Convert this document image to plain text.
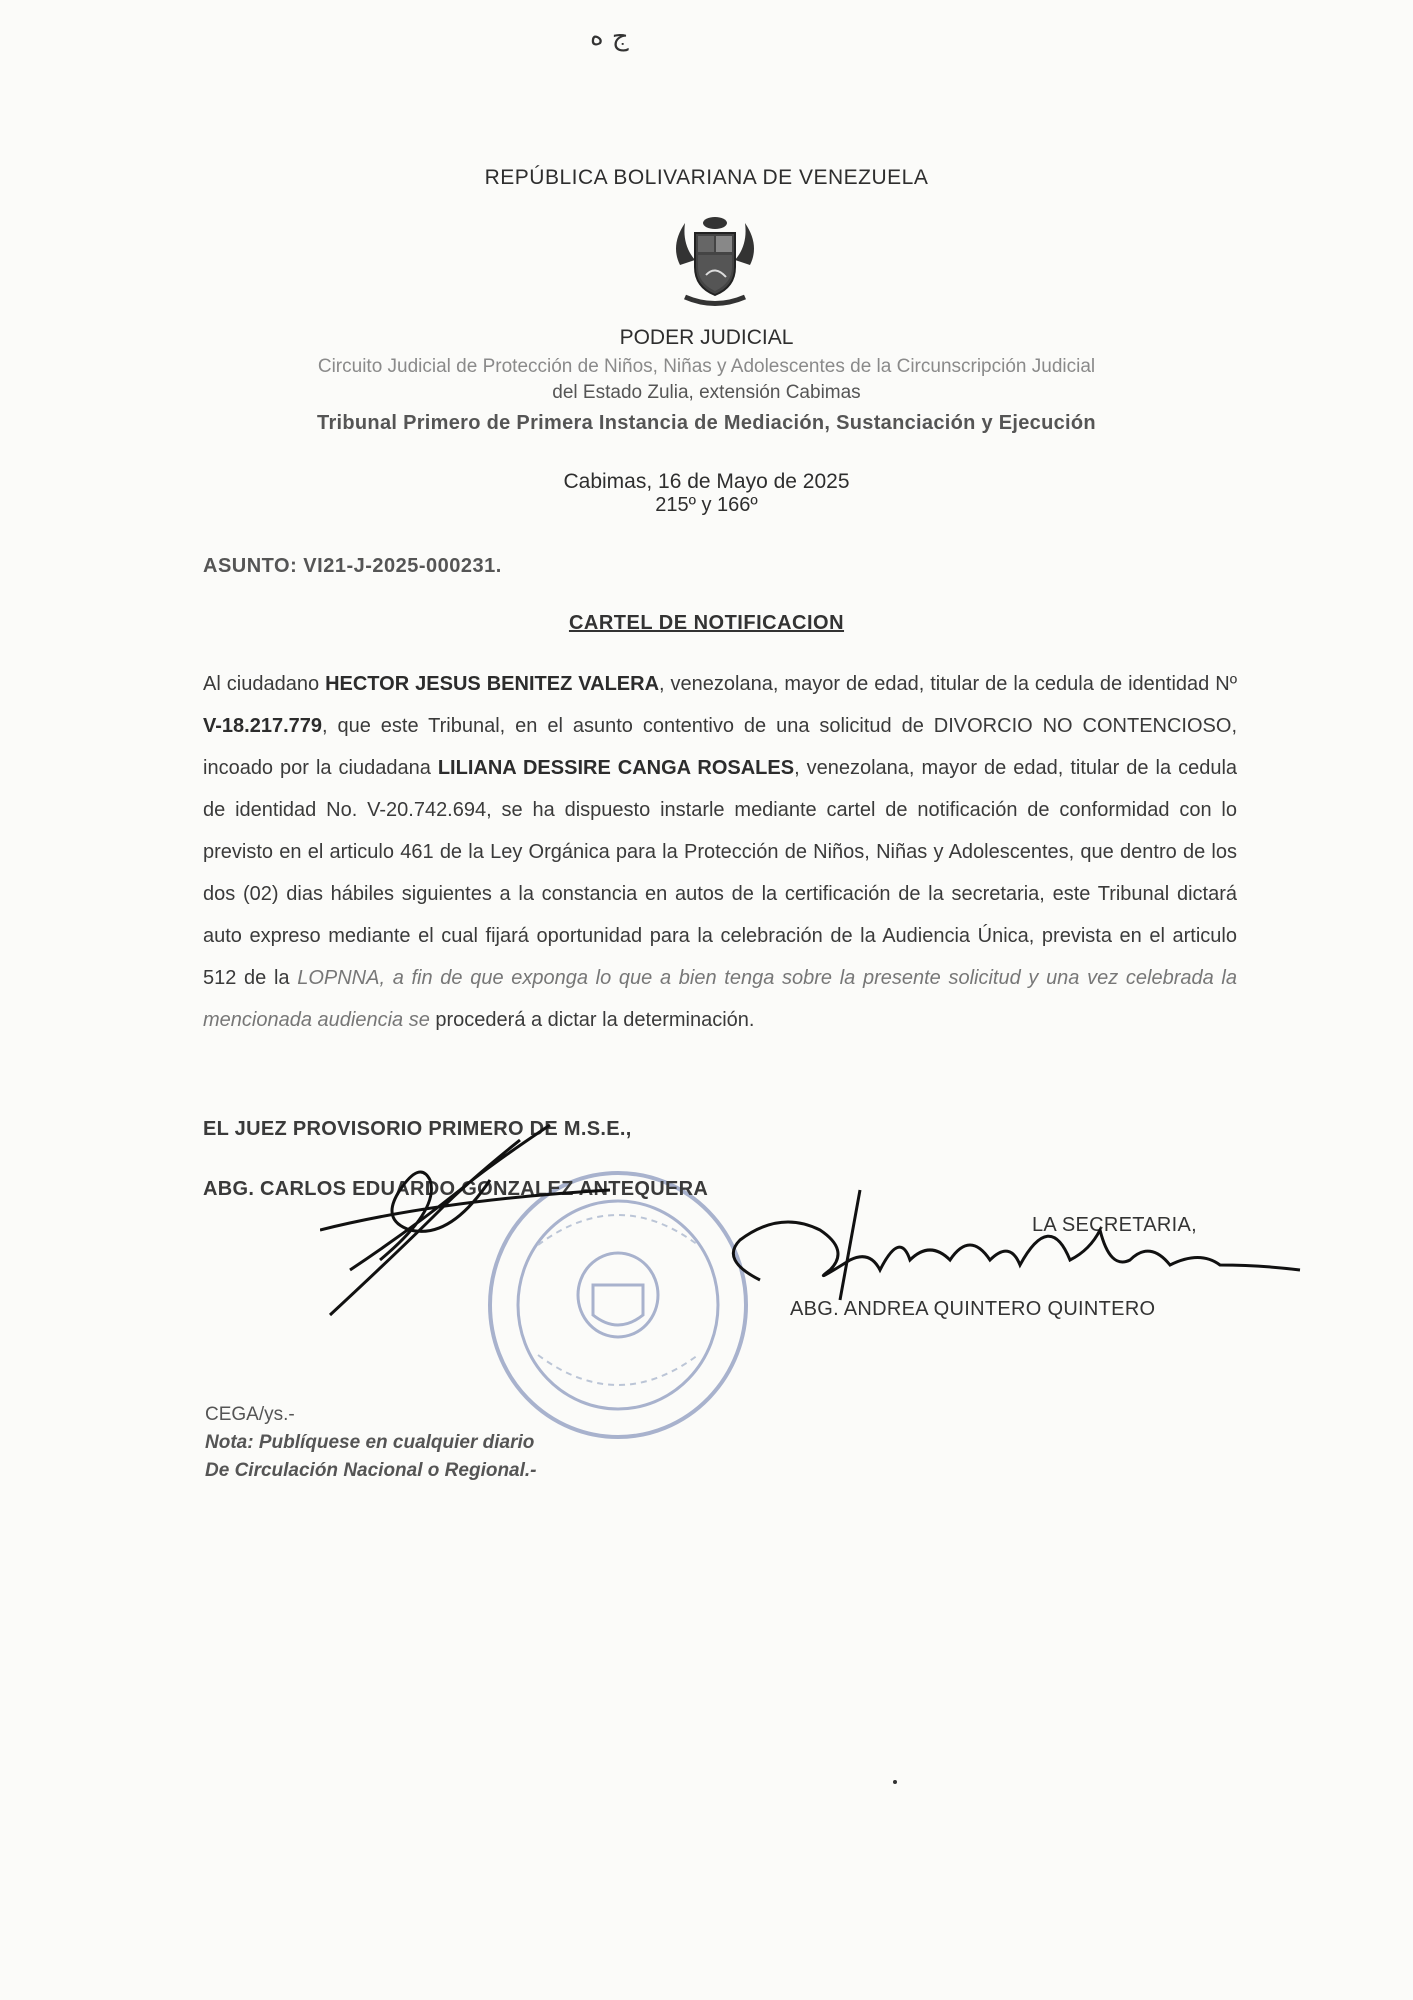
ج ه
REPÚBLICA BOLIVARIANA DE VENEZUELA
PODER JUDICIAL
Circuito Judicial de Protección de Niños, Niñas y Adolescentes de la Circunscripción Judicial
del Estado Zulia, extensión Cabimas
Tribunal Primero de Primera Instancia de Mediación, Sustanciación y Ejecución
Cabimas, 16 de Mayo de 2025
215º y 166º
ASUNTO: VI21-J-2025-000231.
CARTEL DE NOTIFICACION
Al ciudadano HECTOR JESUS BENITEZ VALERA, venezolana, mayor de edad, titular de la cedula de identidad Nº V-18.217.779, que este Tribunal, en el asunto contentivo de una solicitud de DIVORCIO NO CONTENCIOSO, incoado por la ciudadana LILIANA DESSIRE CANGA ROSALES, venezolana, mayor de edad, titular de la cedula de identidad No. V-20.742.694, se ha dispuesto instarle mediante cartel de notificación de conformidad con lo previsto en el articulo 461 de la Ley Orgánica para la Protección de Niños, Niñas y Adolescentes, que dentro de los dos (02) dias hábiles siguientes a la constancia en autos de la certificación de la secretaria, este Tribunal dictará auto expreso mediante el cual fijará oportunidad para la celebración de la Audiencia Única, prevista en el articulo 512 de la LOPNNA, a fin de que exponga lo que a bien tenga sobre la presente solicitud y una vez celebrada la mencionada audiencia se procederá a dictar la determinación.
EL JUEZ PROVISORIO PRIMERO DE M.S.E.,
ABG. CARLOS EDUARDO GONZALEZ ANTEQUERA
LA SECRETARIA,
ABG. ANDREA QUINTERO QUINTERO
CEGA/ys.-
Nota: Publíquese en cualquier diario
De Circulación Nacional o Regional.-
